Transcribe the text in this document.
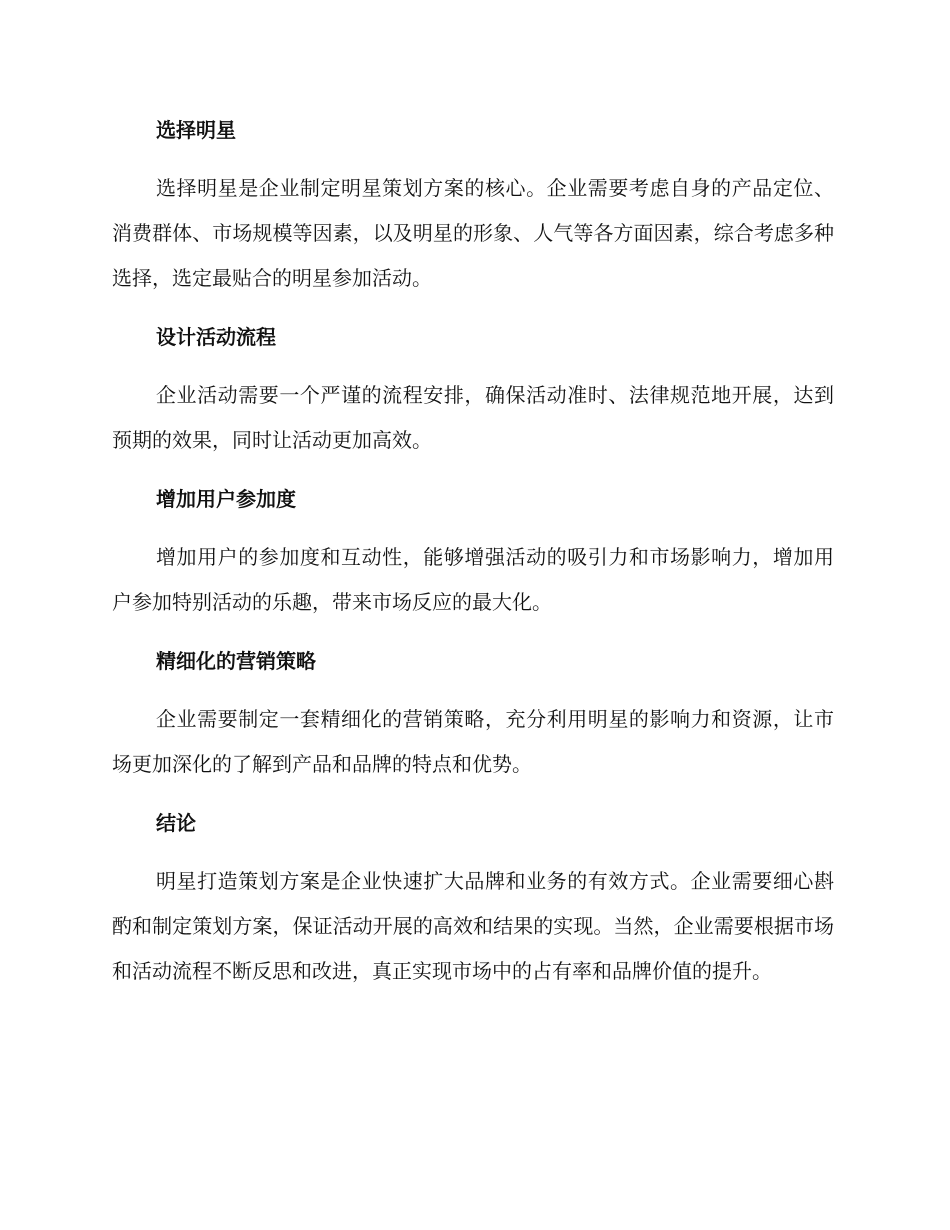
选择明星

选择明星是企业制定明星策划方案的核心。企业需要考虑自身的产品定位、消费群体、市场规模等因素，以及明星的形象、人气等各方面因素，综合考虑多种选择，选定最贴合的明星参加活动。

设计活动流程

企业活动需要一个严谨的流程安排，确保活动准时、法律规范地开展，达到预期的效果，同时让活动更加高效。

增加用户参加度

增加用户的参加度和互动性，能够增强活动的吸引力和市场影响力，增加用户参加特别活动的乐趣，带来市场反应的最大化。

精细化的营销策略

企业需要制定一套精细化的营销策略，充分利用明星的影响力和资源，让市场更加深化的了解到产品和品牌的特点和优势。

结论

明星打造策划方案是企业快速扩大品牌和业务的有效方式。企业需要细心斟酌和制定策划方案，保证活动开展的高效和结果的实现。当然，企业需要根据市场和活动流程不断反思和改进，真正实现市场中的占有率和品牌价值的提升。
